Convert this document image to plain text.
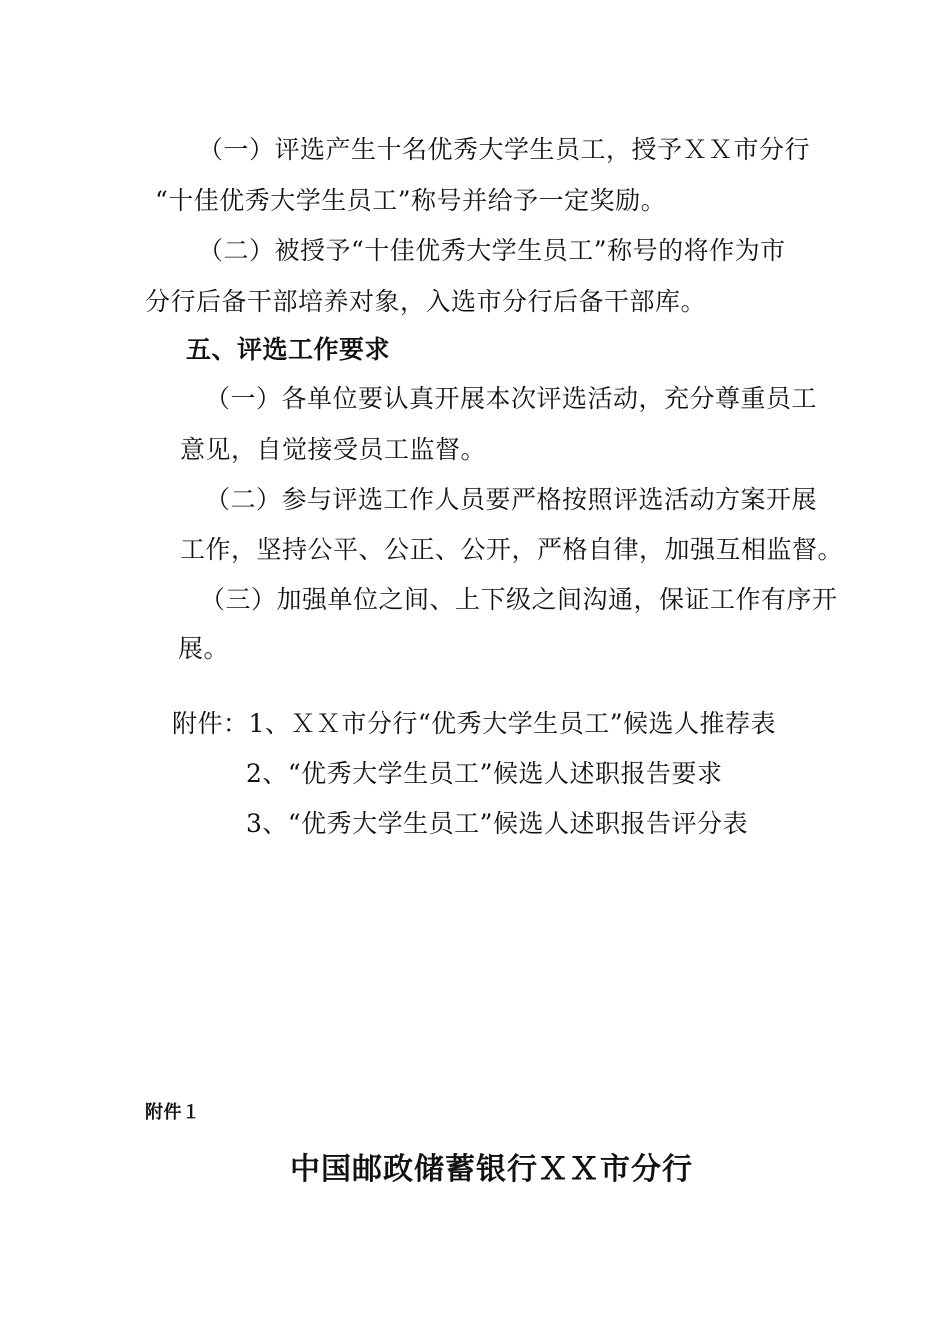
（一）评选产生十名优秀大学生员工，授予ＸＸ市分行
“十佳优秀大学生员工”称号并给予一定奖励。
（二）被授予“十佳优秀大学生员工”称号的将作为市
分行后备干部培养对象，入选市分行后备干部库。
五、评选工作要求
（一）各单位要认真开展本次评选活动，充分尊重员工
意见，自觉接受员工监督。
（二）参与评选工作人员要严格按照评选活动方案开展
工作，坚持公平、公正、公开，严格自律，加强互相监督。
（三）加强单位之间、上下级之间沟通，保证工作有序开
展。
附件：1、ＸＸ市分行“优秀大学生员工”候选人推荐表
2、“优秀大学生员工”候选人述职报告要求
3、“优秀大学生员工”候选人述职报告评分表
附件１
中国邮政储蓄银行ＸＸ市分行
